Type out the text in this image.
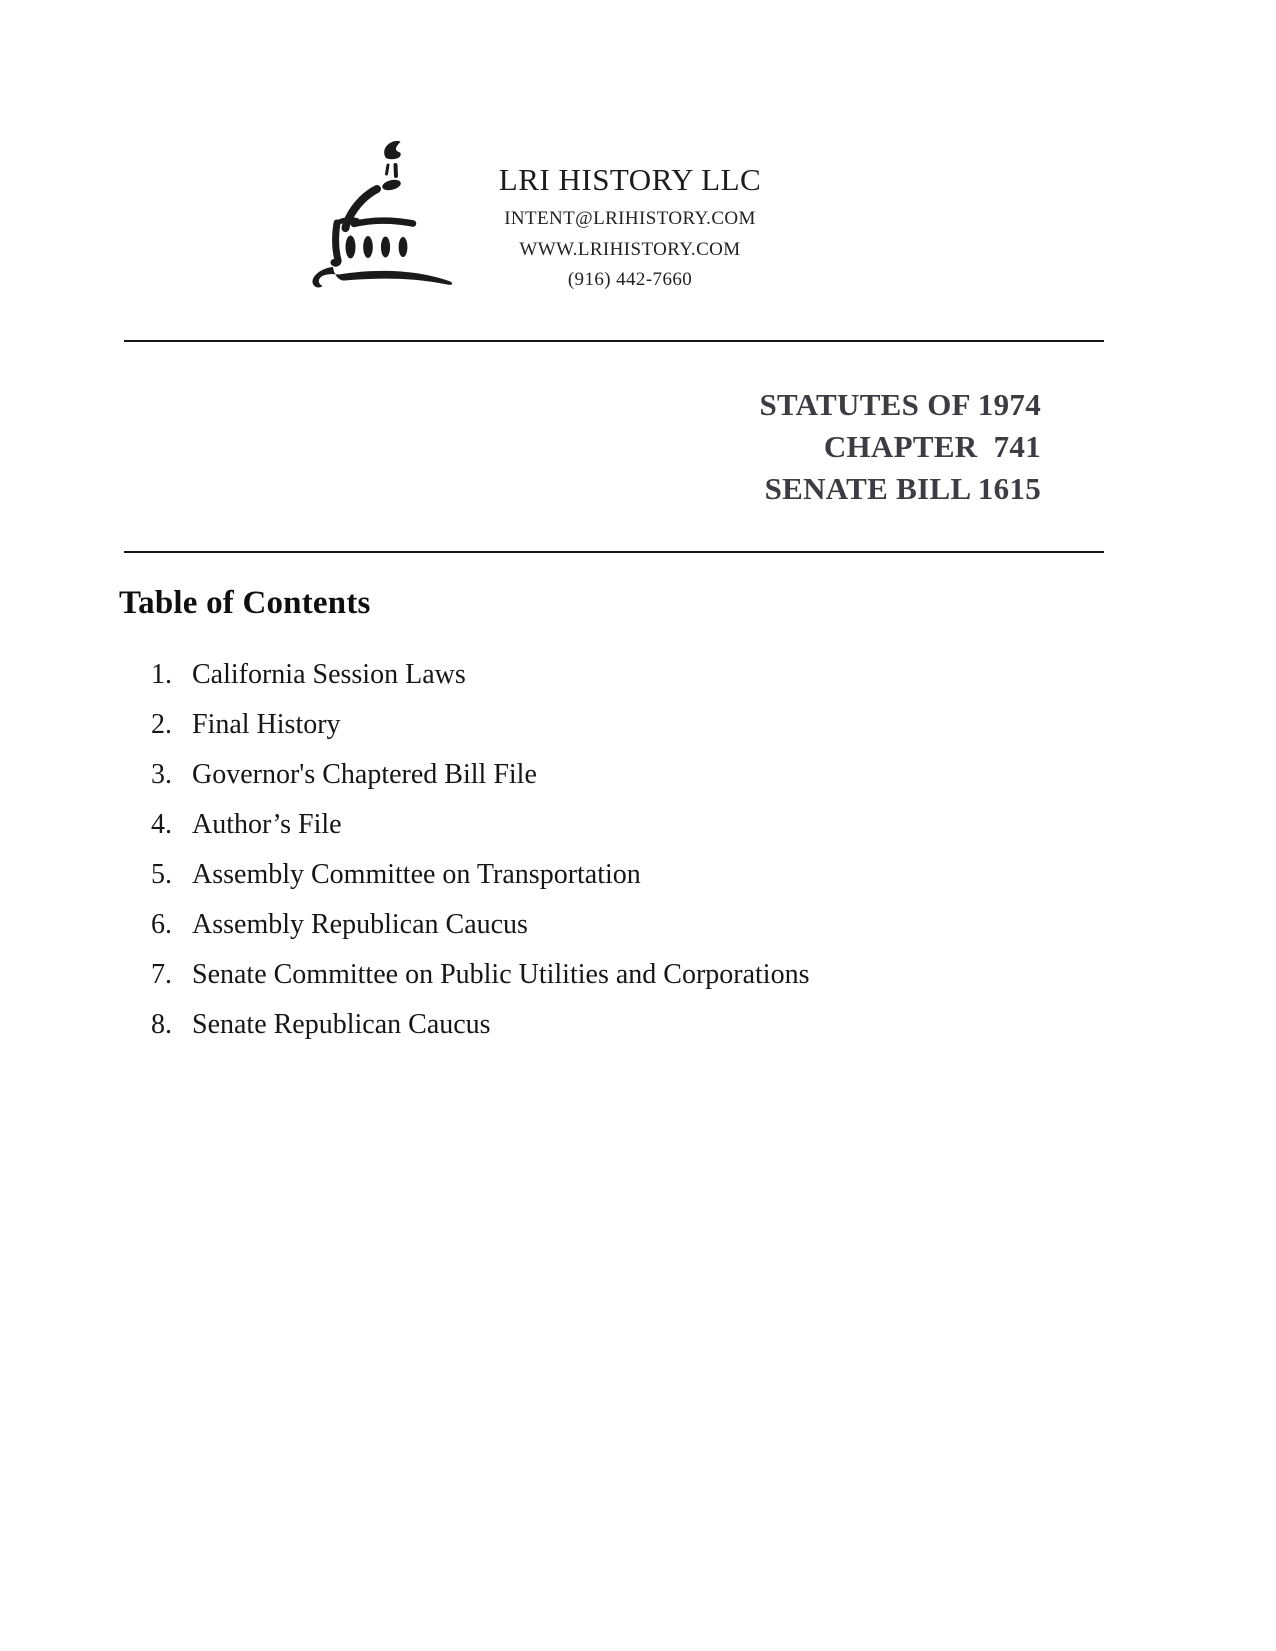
LRI HISTORY LLC
INTENT@LRIHISTORY.COM
WWW.LRIHISTORY.COM
(916) 442-7660
STATUTES OF 1974
CHAPTER  741
SENATE BILL 1615
Table of Contents
1. California Session Laws
2. Final History
3. Governor's Chaptered Bill File
4. Author’s File
5. Assembly Committee on Transportation
6. Assembly Republican Caucus
7. Senate Committee on Public Utilities and Corporations
8. Senate Republican Caucus
